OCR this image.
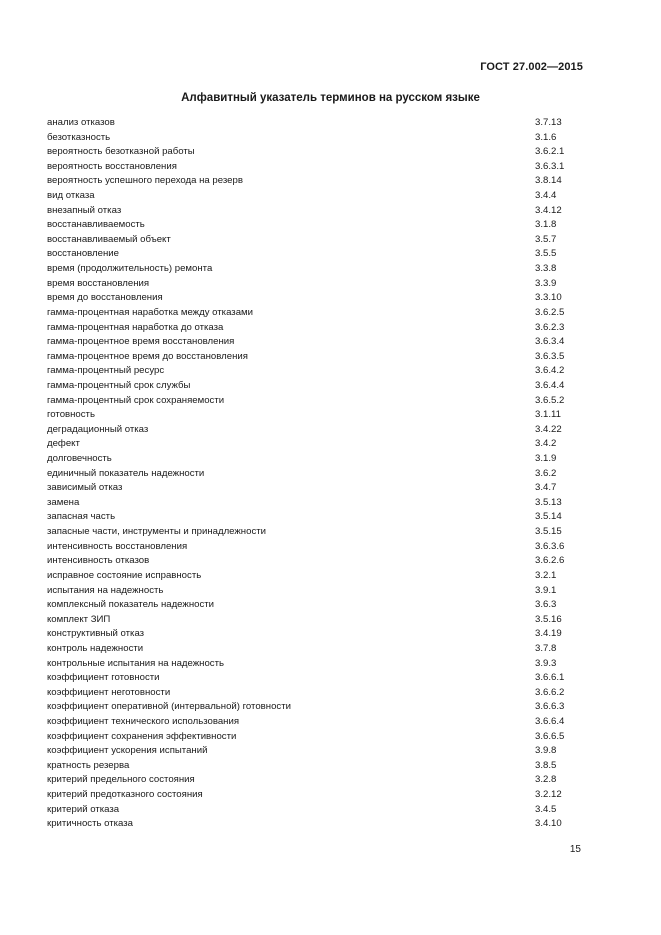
ГОСТ 27.002—2015
Алфавитный указатель терминов на русском языке
анализ отказов	3.7.13
безотказность	3.1.6
вероятность безотказной работы	3.6.2.1
вероятность восстановления	3.6.3.1
вероятность успешного перехода на резерв	3.8.14
вид отказа	3.4.4
внезапный отказ	3.4.12
восстанавливаемость	3.1.8
восстанавливаемый объект	3.5.7
восстановление	3.5.5
время (продолжительность) ремонта	3.3.8
время восстановления	3.3.9
время до восстановления	3.3.10
гамма-процентная наработка между отказами	3.6.2.5
гамма-процентная наработка до отказа	3.6.2.3
гамма-процентное время восстановления	3.6.3.4
гамма-процентное время до восстановления	3.6.3.5
гамма-процентный ресурс	3.6.4.2
гамма-процентный срок службы	3.6.4.4
гамма-процентный срок сохраняемости	3.6.5.2
готовность	3.1.11
деградационный отказ	3.4.22
дефект	3.4.2
долговечность	3.1.9
единичный показатель надежности	3.6.2
зависимый отказ	3.4.7
замена	3.5.13
запасная часть	3.5.14
запасные части, инструменты и принадлежности	3.5.15
интенсивность восстановления	3.6.3.6
интенсивность отказов	3.6.2.6
исправное состояние исправность	3.2.1
испытания на надежность	3.9.1
комплексный показатель надежности	3.6.3
комплект ЗИП	3.5.16
конструктивный отказ	3.4.19
контроль надежности	3.7.8
контрольные испытания на надежность	3.9.3
коэффициент готовности	3.6.6.1
коэффициент неготовности	3.6.6.2
коэффициент оперативной (интервальной) готовности	3.6.6.3
коэффициент технического использования	3.6.6.4
коэффициент сохранения эффективности	3.6.6.5
коэффициент ускорения испытаний	3.9.8
кратность резерва	3.8.5
критерий предельного состояния	3.2.8
критерий предотказного состояния	3.2.12
критерий отказа	3.4.5
критичность отказа	3.4.10
15
